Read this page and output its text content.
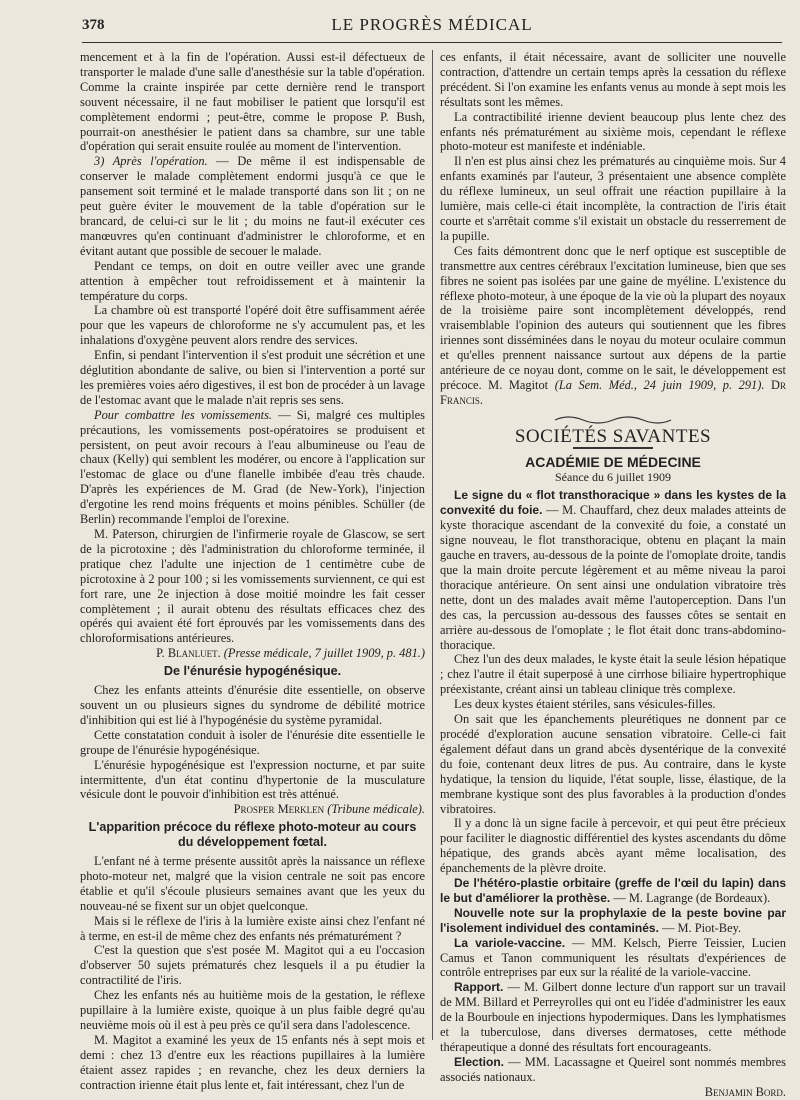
378	LE PROGRÈS MÉDICAL

mencement et à la fin de l'opération. Aussi est-il défectueux de transporter le malade d'une salle d'anesthésie sur la table d'opération. Comme la crainte inspirée par cette dernière rend le transport souvent nécessaire, il ne faut mobiliser le patient que lorsqu'il est complètement endormi ; peut-être, comme le propose P. Bush, pourrait-on anesthésier le patient dans sa chambre, sur une table d'opération qui serait ensuite roulée au moment de l'intervention.

3) Après l'opération. — De même il est indispensable de conserver le malade complètement endormi jusqu'à ce que le pansement soit terminé et le malade transporté dans son lit ; on ne peut guère éviter le mouvement de la table d'opération sur le brancard, de celui-ci sur le lit ; du moins ne faut-il exécuter ces manœuvres qu'en continuant d'administrer le chloroforme, et en évitant autant que possible de secouer le malade.

Pendant ce temps, on doit en outre veiller avec une grande attention à empêcher tout refroidissement et à maintenir la température du corps.

La chambre où est transporté l'opéré doit être suffisamment aérée pour que les vapeurs de chloroforme ne s'y accumulent pas, et les inhalations d'oxygène peuvent alors rendre des services.

Enfin, si pendant l'intervention il s'est produit une sécrétion et une déglutition abondante de salive, ou bien si l'intervention a porté sur les premières voies aéro digestives, il est bon de procéder à un lavage de l'estomac avant que le malade n'ait repris ses sens.

Pour combattre les vomissements. — Si, malgré ces multiples précautions, les vomissements post-opératoires se produisent et persistent, on peut avoir recours à l'eau albumineuse ou l'eau de chaux (Kelly) qui semblent les modérer, ou encore à l'application sur l'estomac de glace ou d'une flanelle imbibée d'eau très chaude. D'après les expériences de M. Grad (de New-York), l'injection d'ergotine les rend moins fréquents et moins pénibles. Schüller (de Berlin) recommande l'emploi de l'orexine.

M. Paterson, chirurgien de l'infirmerie royale de Glascow, se sert de la picrotoxine ; dès l'administration du chloroforme terminée, il pratique chez l'adulte une injection de 1 centimètre cube de picrotoxine à 2 pour 100 ; si les vomissements surviennent, ce qui est fort rare, une 2e injection à dose moitié moindre les fait cesser complètement ; il aurait obtenu des résultats efficaces chez des opérés qui avaient été fort éprouvés par les vomissements dans des chloroformisations antérieures.

P. Blanluet. (Presse médicale, 7 juillet 1909, p. 481.)

De l'énurésie hypogénésique.

Chez les enfants atteints d'énurésie dite essentielle, on observe souvent un ou plusieurs signes du syndrome de débilité motrice d'inhibition qui est lié à l'hypogénésie du système pyramidal.

Cette constatation conduit à isoler de l'énurésie dite essentielle le groupe de l'énurésie hypogénésique.

L'énurésie hypogénésique est l'expression nocturne, et par suite intermittente, d'un état continu d'hypertonie de la musculature vésicule dont le pouvoir d'inhibition est très atténué.

Prosper Merklen (Tribune médicale).

L'apparition précoce du réflexe photo-moteur au cours du développement fœtal.

L'enfant né à terme présente aussitôt après la naissance un réflexe photo-moteur net, malgré que la vision centrale ne soit pas encore établie et qu'il s'écoule plusieurs semaines avant que les yeux du nouveau-né se fixent sur un objet quelconque.

Mais si le réflexe de l'iris à la lumière existe ainsi chez l'enfant né à terme, en est-il de même chez des enfants nés prématurément ?

C'est la question que s'est posée M. Magitot qui a eu l'occasion d'observer 50 sujets prématurés chez lesquels il a pu étudier la contractilité de l'iris.

Chez les enfants nés au huitième mois de la gestation, le réflexe pupillaire à la lumière existe, quoique à un plus faible degré qu'au neuvième mois où il est à peu près ce qu'il sera dans l'adolescence.

M. Magitot a examiné les yeux de 15 enfants nés à sept mois et demi : chez 13 d'entre eux les réactions pupillaires à la lumière étaient assez rapides ; en revanche, chez les deux derniers la contraction irienne était plus lente et, fait intéressant, chez l'un de

ces enfants, il était nécessaire, avant de solliciter une nouvelle contraction, d'attendre un certain temps après la cessation du réflexe précédent. Si l'on examine les enfants venus au monde à sept mois les résultats sont les mêmes.

La contractibilité irienne devient beaucoup plus lente chez des enfants nés prématurément au sixième mois, cependant le réflexe photo-moteur est manifeste et indéniable.

Il n'en est plus ainsi chez les prématurés au cinquième mois. Sur 4 enfants examinés par l'auteur, 3 présentaient une absence complète du réflexe lumineux, un seul offrait une réaction pupillaire à la lumière, mais celle-ci était incomplète, la contraction de l'iris était courte et s'arrêtait comme s'il existait un obstacle du resserrement de la pupille.

Ces faits démontrent donc que le nerf optique est susceptible de transmettre aux centres cérébraux l'excitation lumineuse, bien que ses fibres ne soient pas isolées par une gaine de myéline. L'existence du réflexe photo-moteur, à une époque de la vie où la plupart des noyaux de la troisième paire sont incomplètement développés, rend vraisemblable l'opinion des auteurs qui soutiennent que les fibres iriennes sont disséminées dans le noyau du moteur oculaire commun et qu'elles prennent naissance surtout aux dépens de la partie antérieure de ce noyau dont, comme on le sait, le développement est précoce. M. Magitot (La Sem. Méd., 24 juin 1909, p. 291). Dr Francis.

SOCIÉTÉS SAVANTES
ACADÉMIE DE MÉDECINE
Séance du 6 juillet 1909

Le signe du « flot transthoracique » dans les kystes de la convexité du foie. — M. Chauffard, chez deux malades atteints de kyste thoracique ascendant de la convexité du foie, a constaté un signe nouveau, le flot transthoracique, obtenu en plaçant la main gauche en travers, au-dessous de la pointe de l'omoplate droite, tandis que la main droite percute légèrement et au même niveau la paroi thoracique antérieure. On sent ainsi une ondulation vibratoire très nette, dont un des malades avait même l'autoperception. Dans l'un des cas, la percussion au-dessous des fausses côtes se sentait en arrière au-dessous de l'omoplate ; le flot était donc trans-abdomino-thoracique.

Chez l'un des deux malades, le kyste était la seule lésion hépatique ; chez l'autre il était superposé à une cirrhose biliaire hypertrophique préexistante, créant ainsi un tableau clinique très complexe.

Les deux kystes étaient stériles, sans vésicules-filles.

On sait que les épanchements pleurétiques ne donnent par ce procédé d'exploration aucune sensation vibratoire. Celle-ci fait également défaut dans un grand abcès dysentérique de la convexité du foie, contenant deux litres de pus. Au contraire, dans le kyste hydatique, la tension du liquide, l'état souple, lisse, élastique, de la membrane kystique sont des plus favorables à la production d'ondes vibratoires.

Il y a donc là un signe facile à percevoir, et qui peut être précieux pour faciliter le diagnostic différentiel des kystes ascendants du dôme hépatique, des grands abcès ayant même localisation, des épanchements de la plèvre droite.

De l'hétéro-plastie orbitaire (greffe de l'œil du lapin) dans le but d'améliorer la prothèse. — M. Lagrange (de Bordeaux).

Nouvelle note sur la prophylaxie de la peste bovine par l'isolement individuel des contaminés. — M. Piot-Bey.

La variole-vaccine. — MM. Kelsch, Pierre Teissier, Lucien Camus et Tanon communiquent les résultats d'expériences de contrôle entreprises par eux sur la réalité de la variole-vaccine.

Rapport. — M. Gilbert donne lecture d'un rapport sur un travail de MM. Billard et Perreyrolles qui ont eu l'idée d'administrer les eaux de la Bourboule en injections hypodermiques. Dans les lymphatismes et la tuberculose, dans diverses dermatoses, cette méthode thérapeutique a donné des résultats fort encourageants.

Election. — MM. Lacassagne et Queirel sont nommés membres associés nationaux.

Benjamin Bord.
